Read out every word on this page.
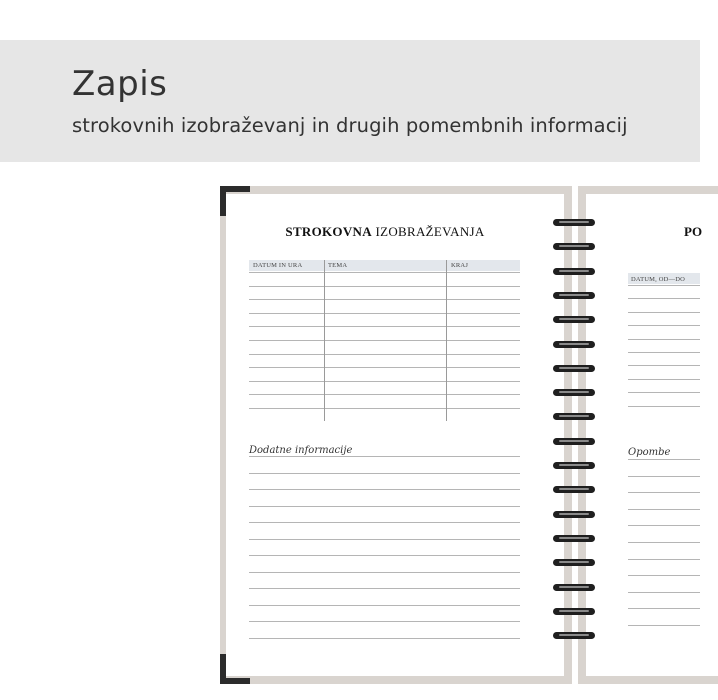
Zapis
strokovnih izobraževanj in drugih pomembnih informacij
STROKOVNA IZOBRAŽEVANJA	PO
DATUM IN URA	TEMA	KRAJ
Dodatne informacije
DATUM, OD—DO
Opombe
